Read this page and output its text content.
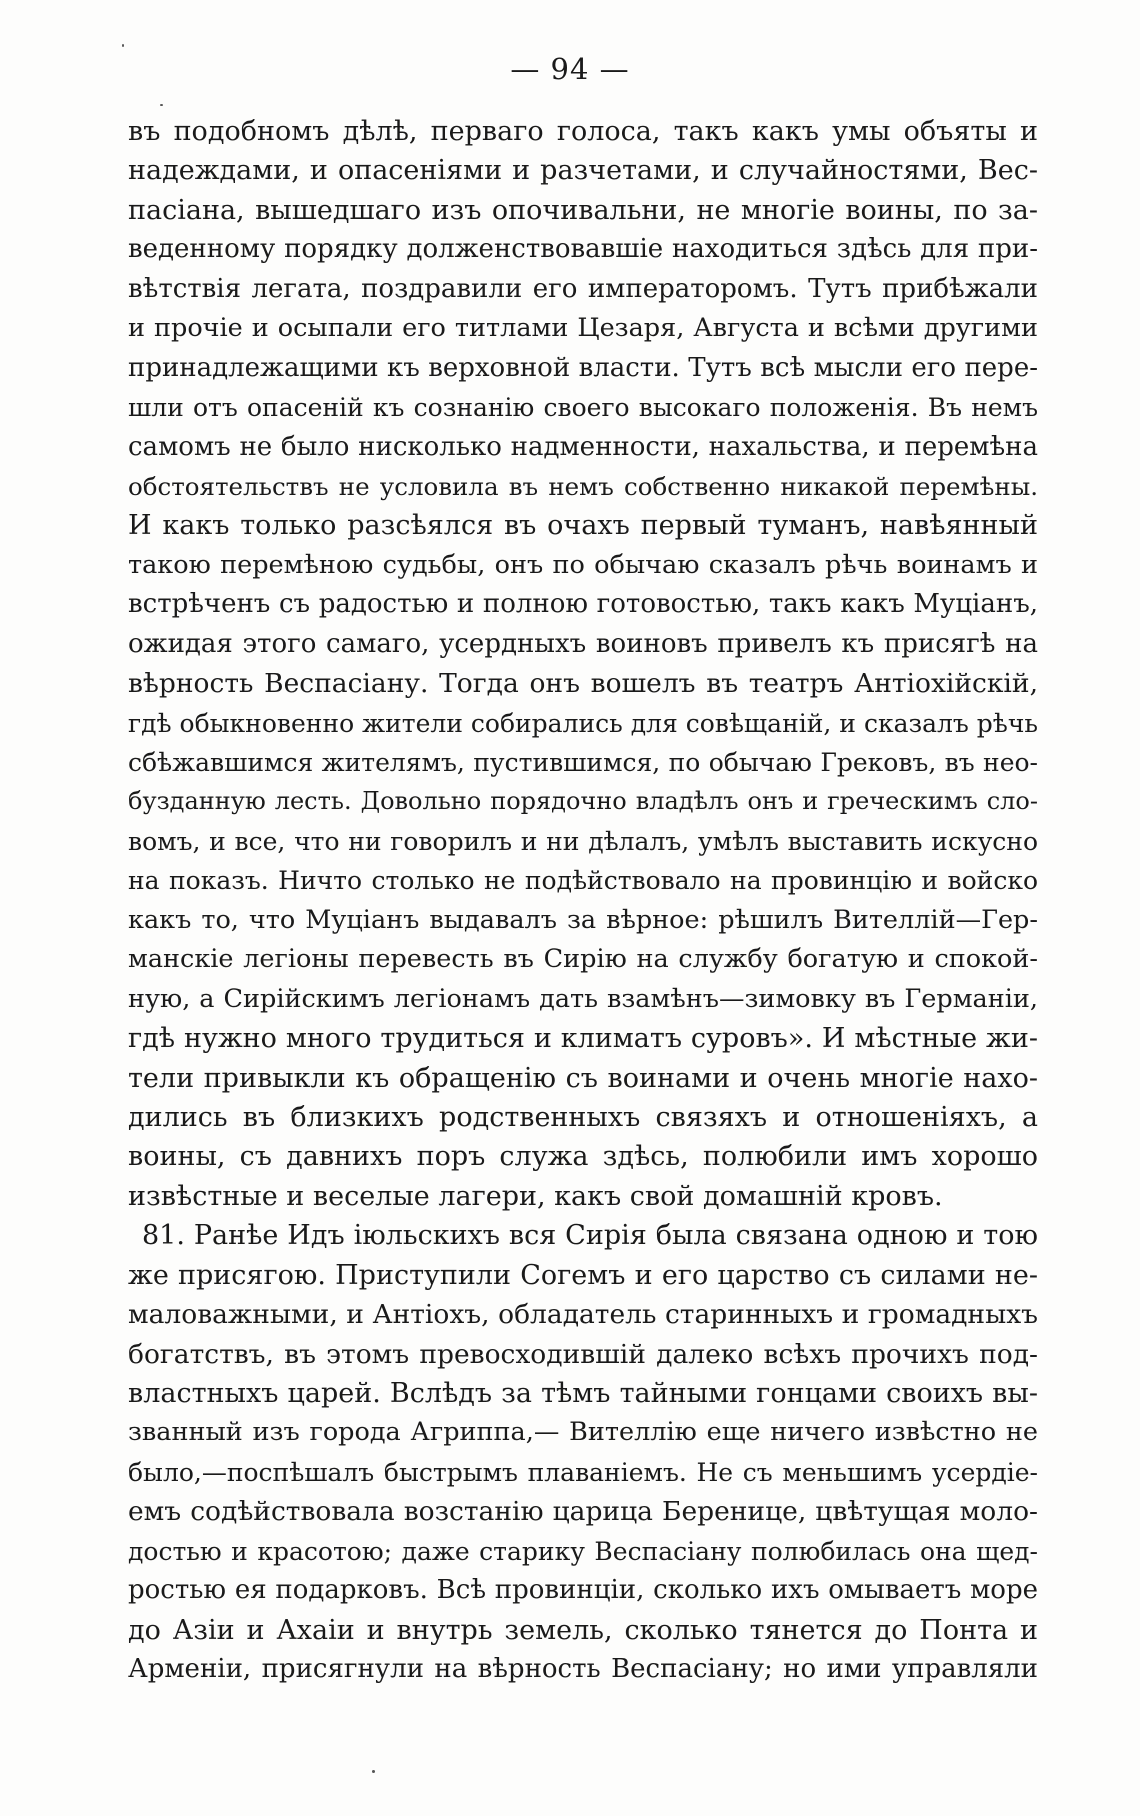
— 94 —
въ подобномъ дѣлѣ, перваго голоса, такъ какъ умы объяты и
надеждами, и опасеніями и разчетами, и случайностями, Вес-
пасіана, вышедшаго изъ опочивальни, не многіе воины, по за-
веденному порядку долженствовавшіе находиться здѣсь для при-
вѣтствія легата, поздравили его императоромъ. Тутъ прибѣжали
и прочіе и осыпали его титлами Цезаря, Августа и всѣми другими
принадлежащими къ верховной власти. Тутъ всѣ мысли его пере-
шли отъ опасеній къ сознанію своего высокаго положенія. Въ немъ
самомъ не было нисколько надменности, нахальства, и перемѣна
обстоятельствъ не условила въ немъ собственно никакой перемѣны.
И какъ только разсѣялся въ очахъ первый туманъ, навѣянный
такою перемѣною судьбы, онъ по обычаю сказалъ рѣчь воинамъ и
встрѣченъ съ радостью и полною готовостью, такъ какъ Муціанъ,
ожидая этого самаго, усердныхъ воиновъ привелъ къ присягѣ на
вѣрность Веспасіану. Тогда онъ вошелъ въ театръ Антіохійскій,
гдѣ обыкновенно жители собирались для совѣщаній, и сказалъ рѣчь
сбѣжавшимся жителямъ, пустившимся, по обычаю Грековъ, въ нео-
бузданную лесть. Довольно порядочно владѣлъ онъ и греческимъ сло-
вомъ, и все, что ни говорилъ и ни дѣлалъ, умѣлъ выставить искусно
на показъ. Ничто столько не подѣйствовало на провинцію и войско
какъ то, что Муціанъ выдавалъ за вѣрное: рѣшилъ Вителлій—Гер-
манскіе легіоны перевесть въ Сирію на службу богатую и спокой-
ную, а Сирійскимъ легіонамъ дать взамѣнъ—зимовку въ Германіи,
гдѣ нужно много трудиться и климатъ суровъ». И мѣстные жи-
тели привыкли къ обращенію съ воинами и очень многіе нахо-
дились въ близкихъ родственныхъ связяхъ и отношеніяхъ, а
воины, съ давнихъ поръ служа здѣсь, полюбили имъ хорошо
извѣстные и веселые лагери, какъ свой домашній кровъ.
81. Ранѣе Идъ іюльскихъ вся Сирія была связана одною и тою
же присягою. Приступили Согемъ и его царство съ силами не-
маловажными, и Антіохъ, обладатель старинныхъ и громадныхъ
богатствъ, въ этомъ превосходившій далеко всѣхъ прочихъ под-
властныхъ царей. Вслѣдъ за тѣмъ тайными гонцами своихъ вы-
званный изъ города Агриппа,— Вителлію еще ничего извѣстно не
было,—поспѣшалъ быстрымъ плаваніемъ. Не съ меньшимъ усердіе-
емъ содѣйствовала возстанію царица Береницe, цвѣтущая моло-
достью и красотою; даже старику Веспасіану полюбилась она щед-
ростью ея подарковъ. Всѣ провинціи, сколько ихъ омываетъ море
до Азіи и Ахаіи и внутрь земель, сколько тянется до Понта и
Арменіи, присягнули на вѣрность Веспасіану; но ими управляли
